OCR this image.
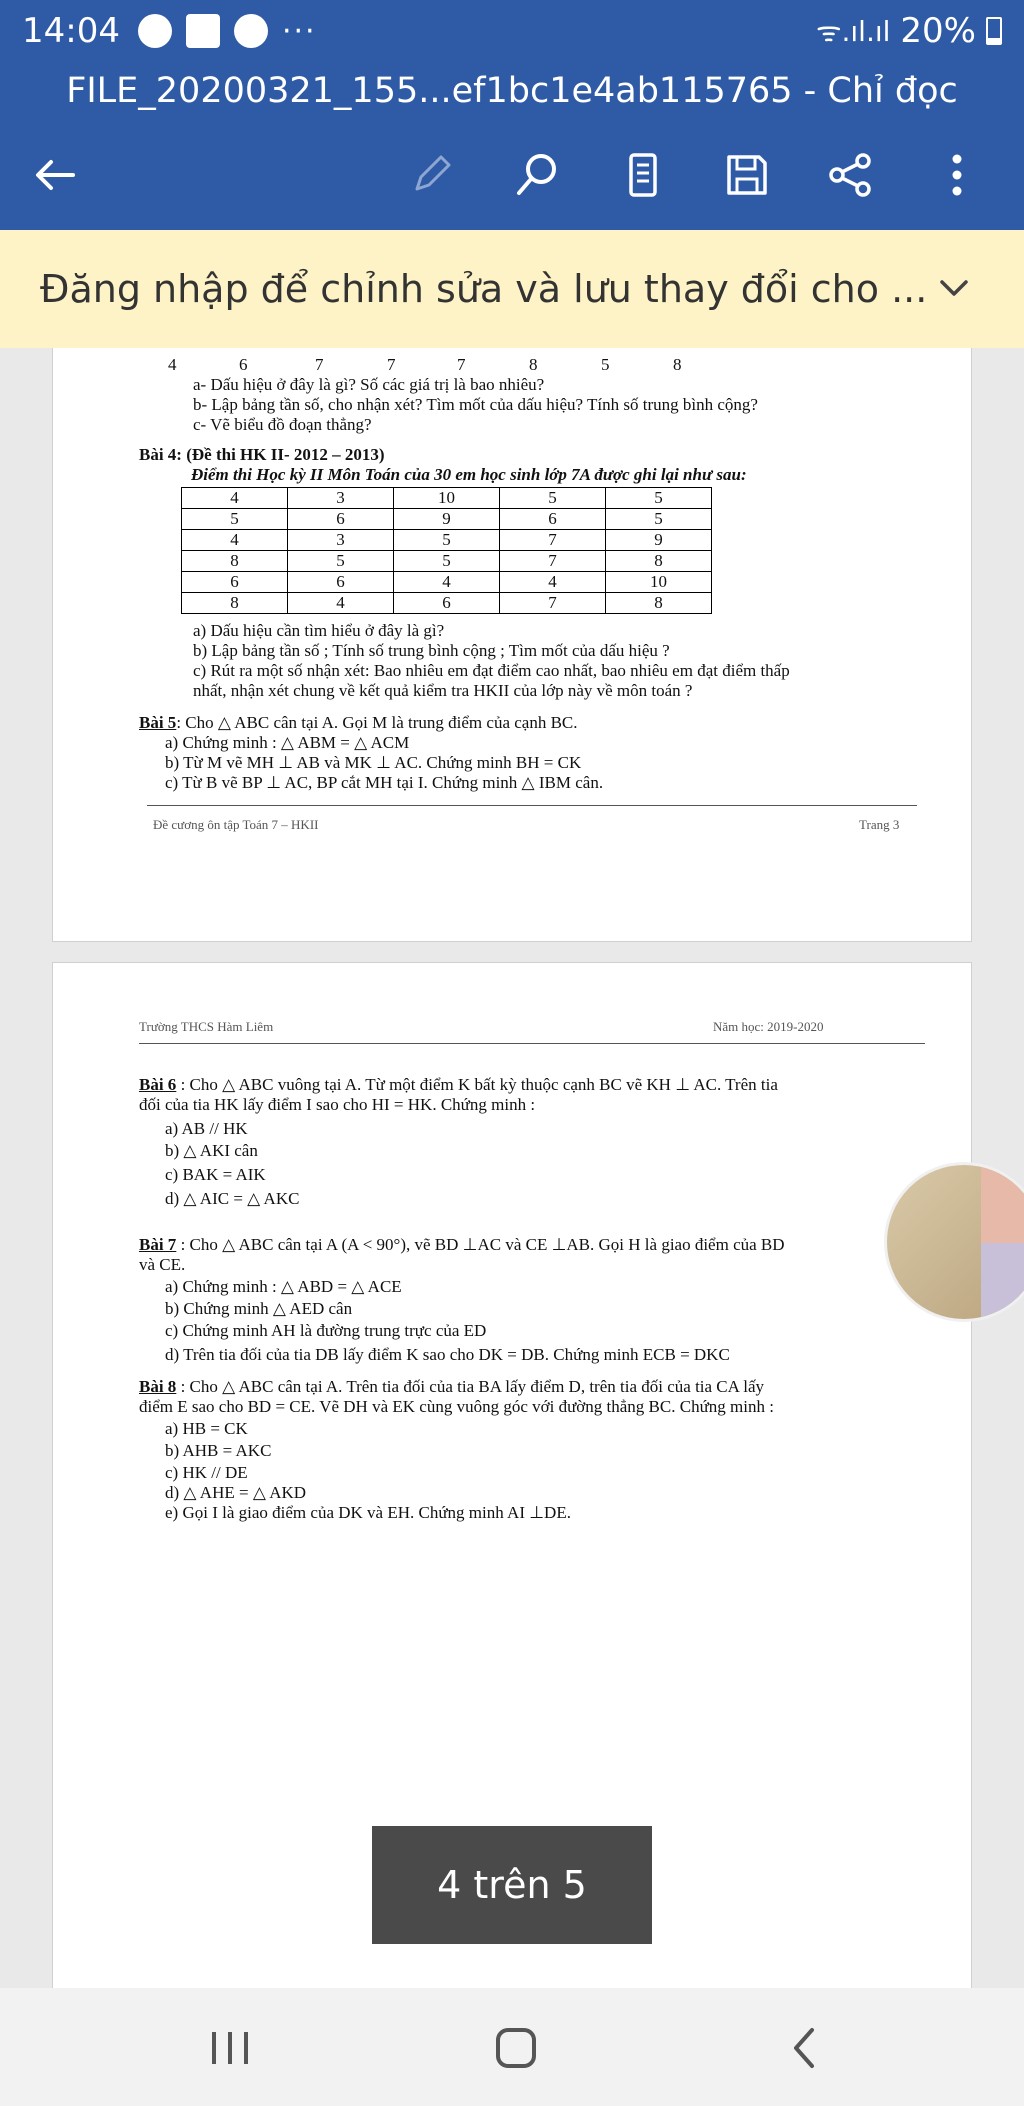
14:04	···	ᯤ.ıl.ıl 20%
FILE_20200321_155...ef1bc1e4ab115765 - Chỉ đọc
Đăng nhập để chỉnh sửa và lưu thay đổi cho ...
4	6	7	7	7	8	5	8
a- Dấu hiệu ở đây là gì? Số các giá trị là bao nhiêu?
b- Lập bảng tần số, cho nhận xét? Tìm mốt của dấu hiệu? Tính số trung bình cộng?
c- Vẽ biểu đồ đoạn thẳng?
Bài 4: (Đề thi HK II- 2012 – 2013)
Điểm thi Học kỳ II Môn Toán của 30 em học sinh lớp 7A được ghi lại như sau:
4	3	10	5	5
5	6	9	6	5
4	3	5	7	9
8	5	5	7	8
6	6	4	4	10
8	4	6	7	8
a) Dấu hiệu cần tìm hiểu ở đây là gì?
b) Lập bảng tần số ; Tính số trung bình cộng ; Tìm mốt của dấu hiệu ?
c) Rút ra một số nhận xét: Bao nhiêu em đạt điểm cao nhất, bao nhiêu em đạt điểm thấp
nhất, nhận xét chung về kết quả kiểm tra HKII của lớp này về môn toán ?
Bài 5: Cho △ ABC cân tại A. Gọi M là trung điểm của cạnh BC.
a) Chứng minh : △ ABM = △ ACM
b) Từ M vẽ MH ⊥ AB và MK ⊥ AC. Chứng minh BH = CK
c) Từ B vẽ BP ⊥ AC, BP cắt MH tại I. Chứng minh △ IBM cân.
Đề cương ôn tập Toán 7 – HKII	Trang 3
Trường THCS Hàm Liêm	Năm học: 2019-2020
Bài 6 : Cho △ ABC vuông tại A. Từ một điểm K bất kỳ thuộc cạnh BC vẽ KH ⊥ AC. Trên tia
đối của tia HK lấy điểm I sao cho HI = HK. Chứng minh :
a) AB // HK
b) △ AKI cân
c) BAK = AIK
d) △ AIC = △ AKC
Bài 7 : Cho △ ABC cân tại A (A < 90°), vẽ BD ⊥AC và CE ⊥AB. Gọi H là giao điểm của BD
và CE.
a) Chứng minh : △ ABD = △ ACE
b) Chứng minh △ AED cân
c) Chứng minh AH là đường trung trực của ED
d) Trên tia đối của tia DB lấy điểm K sao cho DK = DB. Chứng minh ECB = DKC
Bài 8 : Cho △ ABC cân tại A. Trên tia đối của tia BA lấy điểm D, trên tia đối của tia CA lấy
điểm E sao cho BD = CE. Vẽ DH và EK cùng vuông góc với đường thẳng BC. Chứng minh :
a) HB = CK
b) AHB = AKC
c) HK // DE
d) △ AHE = △ AKD
e) Gọi I là giao điểm của DK và EH. Chứng minh AI ⊥DE.
4 trên 5
